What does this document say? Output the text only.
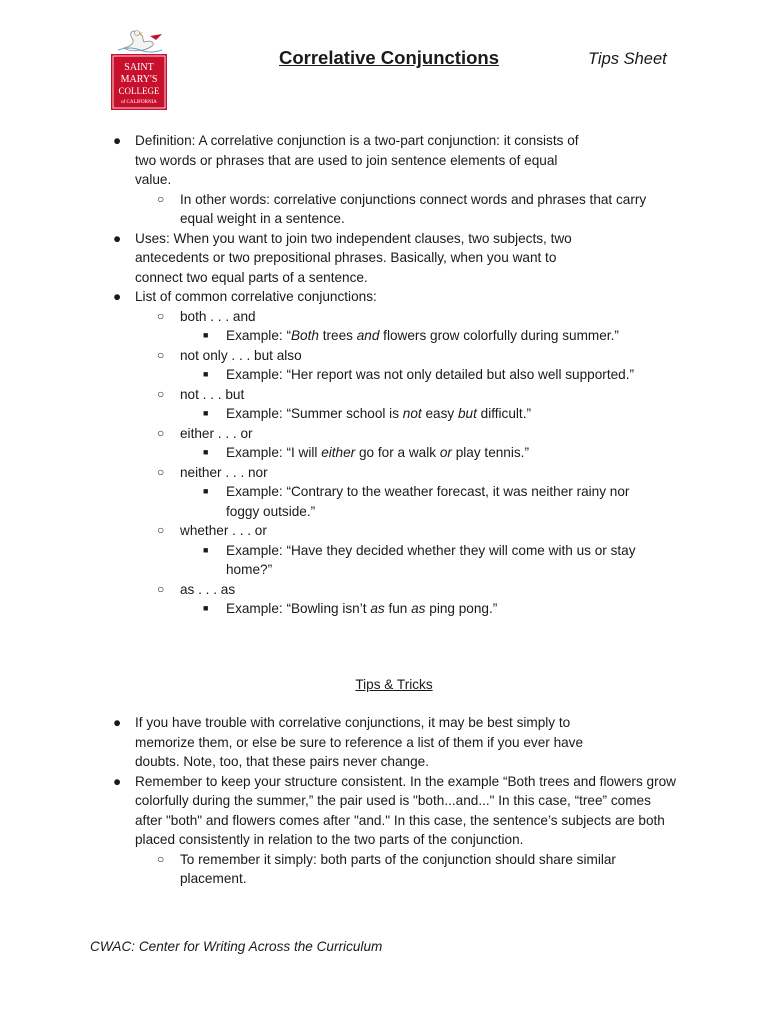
SAINT
MARY'S
COLLEGE
of CALIFORNIA
Correlative Conjunctions	Tips Sheet
● Definition: A correlative conjunction is a two-part conjunction: it consists of two words or phrases that are used to join sentence elements of equal value.
○ In other words: correlative conjunctions connect words and phrases that carry equal weight in a sentence.
● Uses: When you want to join two independent clauses, two subjects, two antecedents or two prepositional phrases. Basically, when you want to connect two equal parts of a sentence.
● List of common correlative conjunctions:
○ both . . . and
■ Example: “Both trees and flowers grow colorfully during summer.”
○ not only . . . but also
■ Example: “Her report was not only detailed but also well supported.”
○ not . . . but
■ Example: “Summer school is not easy but difficult.”
○ either . . . or
■ Example: “I will either go for a walk or play tennis.”
○ neither . . . nor
■ Example: “Contrary to the weather forecast, it was neither rainy nor foggy outside.”
○ whether . . . or
■ Example: “Have they decided whether they will come with us or stay home?”
○ as . . . as
■ Example: “Bowling isn’t as fun as ping pong.”
Tips & Tricks
● If you have trouble with correlative conjunctions, it may be best simply to memorize them, or else be sure to reference a list of them if you ever have doubts. Note, too, that these pairs never change.
● Remember to keep your structure consistent. In the example “Both trees and flowers grow colorfully during the summer,” the pair used is "both...and..." In this case, “tree” comes after "both" and flowers comes after "and." In this case, the sentence’s subjects are both placed consistently in relation to the two parts of the conjunction.
○ To remember it simply: both parts of the conjunction should share similar placement.
CWAC: Center for Writing Across the Curriculum
